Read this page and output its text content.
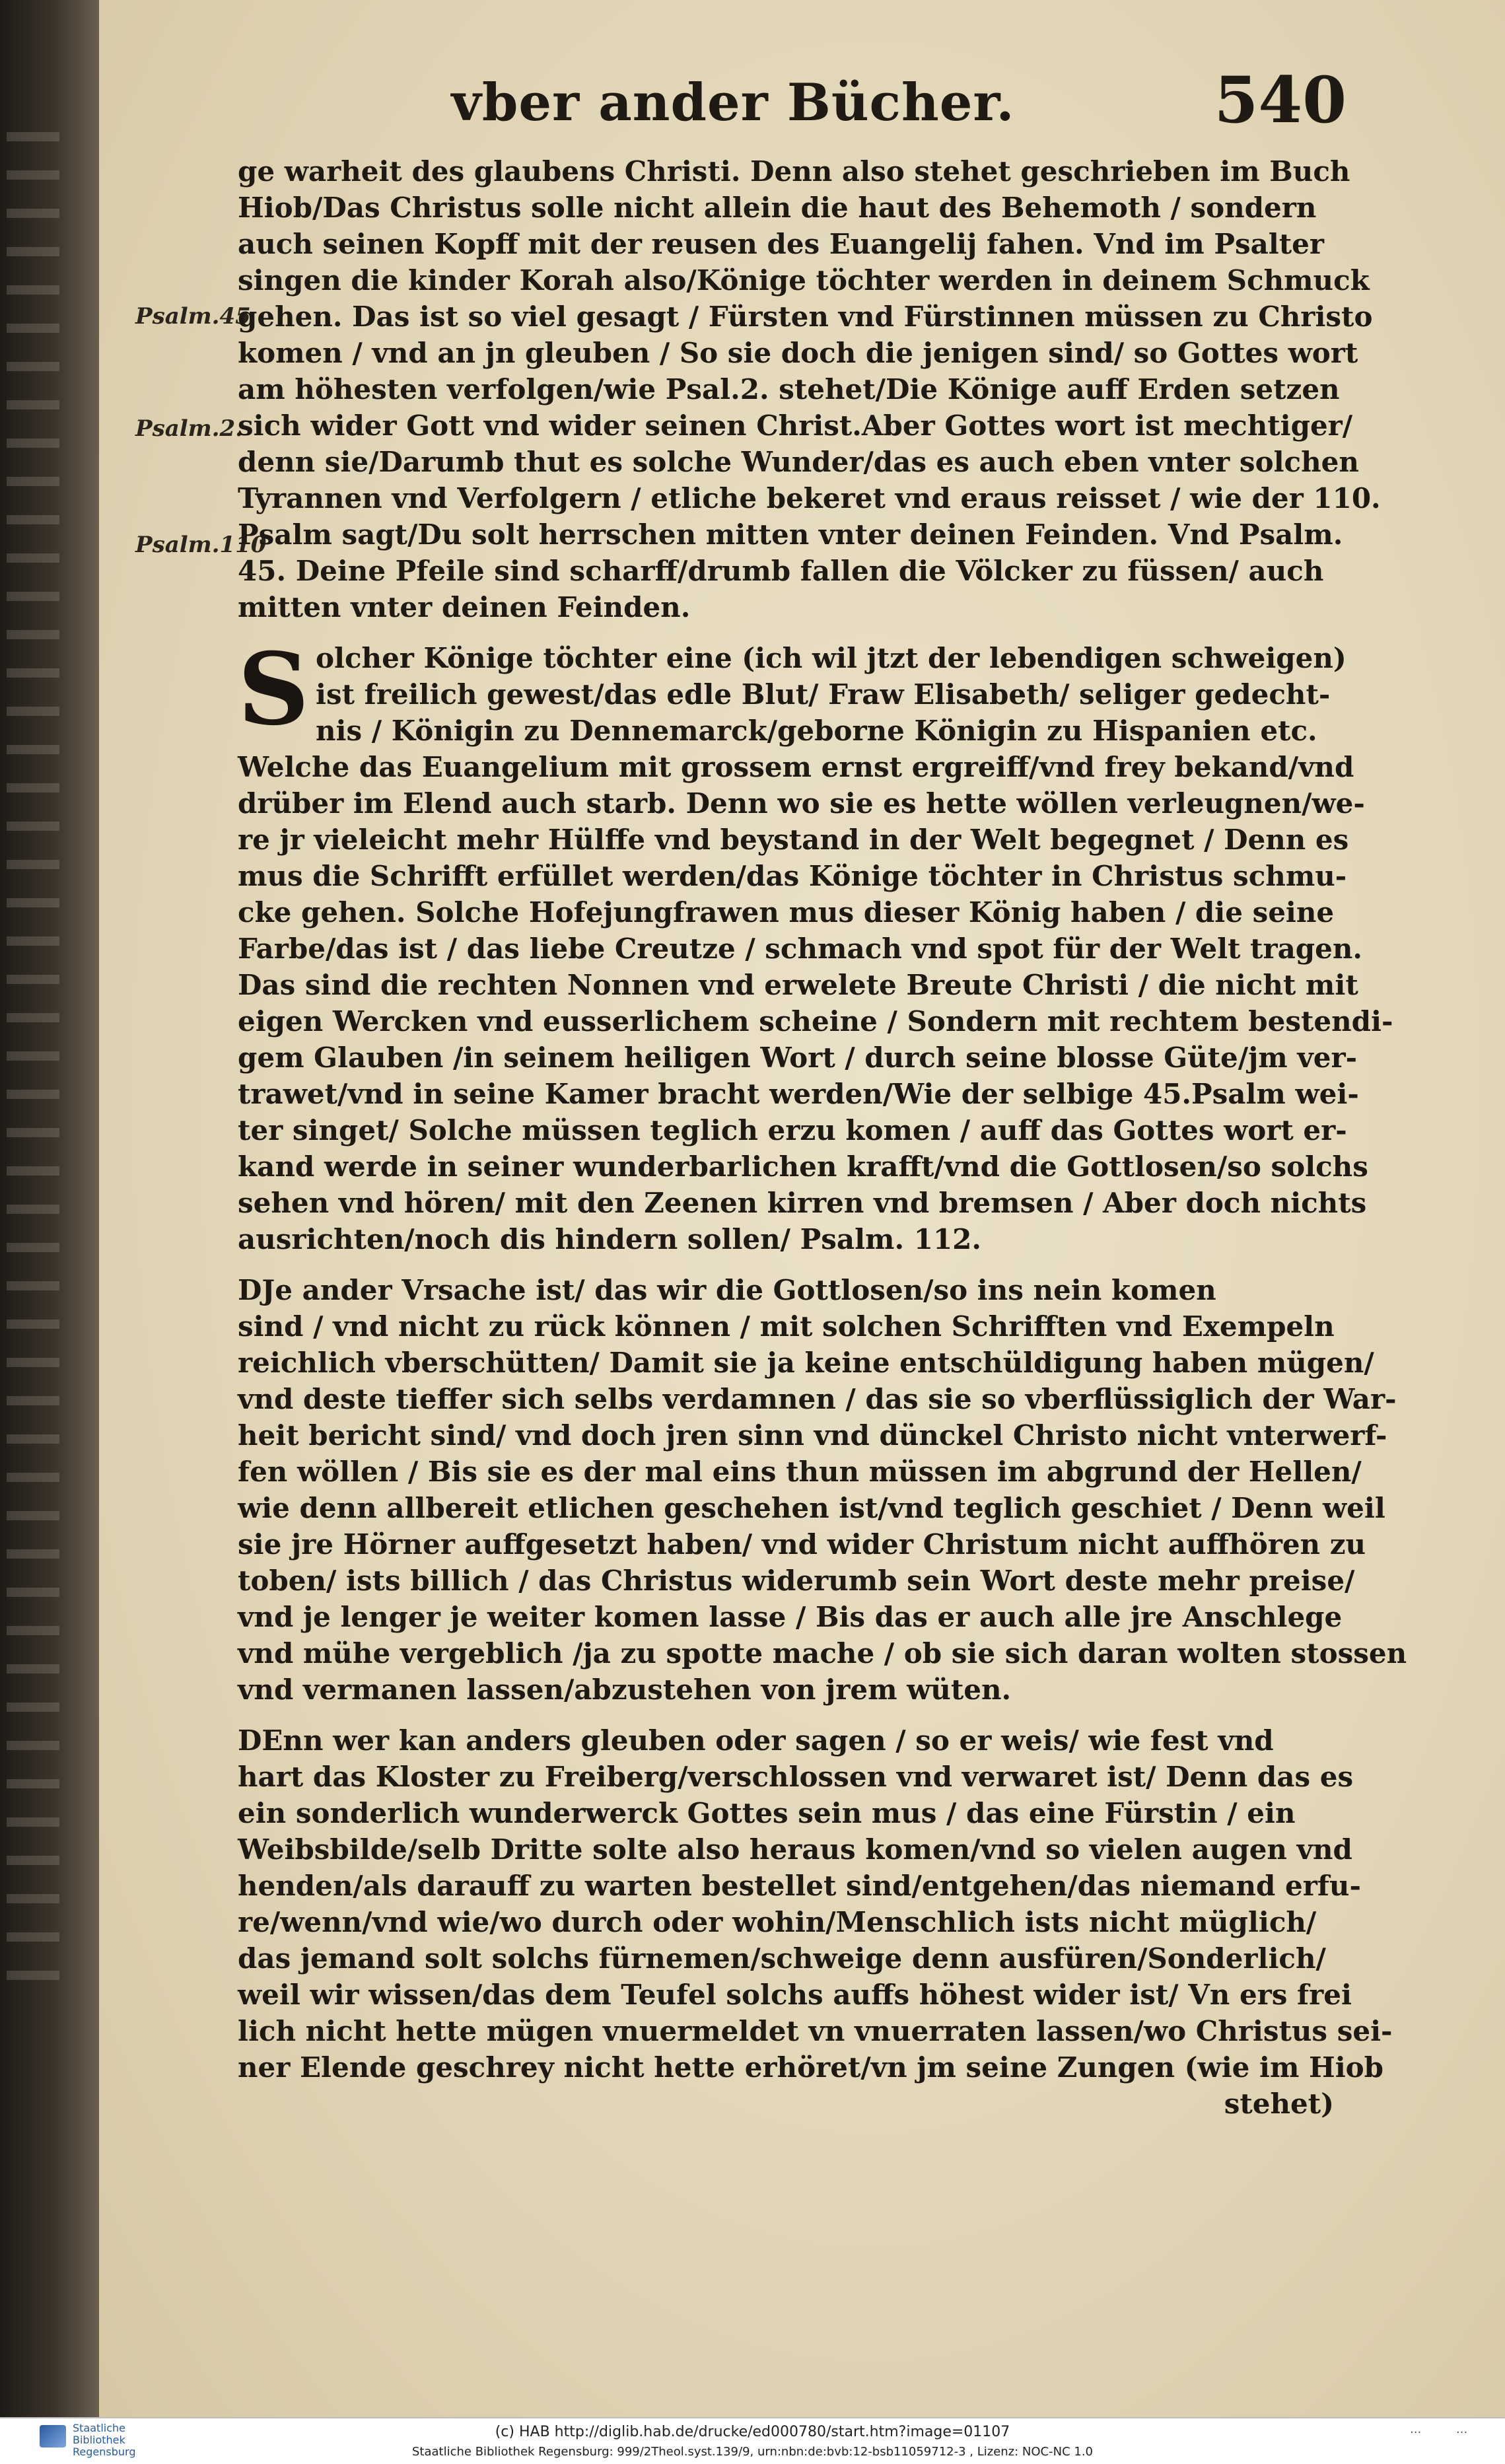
vber ander Bücher.	540
Psalm.45
Psalm.2.
Psalm.110
ge warheit des glaubens Christi. Denn also stehet geschrieben im Buch
Hiob/Das Christus solle nicht allein die haut des Behemoth / sondern
auch seinen Kopff mit der reusen des Euangelij fahen. Vnd im Psalter
singen die kinder Korah also/Könige töchter werden in deinem Schmuck
gehen. Das ist so viel gesagt / Fürsten vnd Fürstinnen müssen zu Christo
komen / vnd an jn gleuben / So sie doch die jenigen sind/ so Gottes wort
am höhesten verfolgen/wie Psal.2. stehet/Die Könige auff Erden setzen
sich wider Gott vnd wider seinen Christ.Aber Gottes wort ist mechtiger/
denn sie/Darumb thut es solche Wunder/das es auch eben vnter solchen
Tyrannen vnd Verfolgern / etliche bekeret vnd eraus reisset / wie der 110.
Psalm sagt/Du solt herrschen mitten vnter deinen Feinden. Vnd Psalm.
45. Deine Pfeile sind scharff/drumb fallen die Völcker zu füssen/ auch
mitten vnter deinen Feinden.
S olcher Könige töchter eine (ich wil jtzt der lebendigen schweigen)
ist freilich gewest/das edle Blut/ Fraw Elisabeth/ seliger gedecht-
nis / Königin zu Dennemarck/geborne Königin zu Hispanien etc.
Welche das Euangelium mit grossem ernst ergreiff/vnd frey bekand/vnd
drüber im Elend auch starb. Denn wo sie es hette wöllen verleugnen/we-
re jr vieleicht mehr Hülffe vnd beystand in der Welt begegnet / Denn es
mus die Schrifft erfüllet werden/das Könige töchter in Christus schmu-
cke gehen. Solche Hofejungfrawen mus dieser König haben / die seine
Farbe/das ist / das liebe Creutze / schmach vnd spot für der Welt tragen.
Das sind die rechten Nonnen vnd erwelete Breute Christi / die nicht mit
eigen Wercken vnd eusserlichem scheine / Sondern mit rechtem bestendi-
gem Glauben /in seinem heiligen Wort / durch seine blosse Güte/jm ver-
trawet/vnd in seine Kamer bracht werden/Wie der selbige 45.Psalm wei-
ter singet/ Solche müssen teglich erzu komen / auff das Gottes wort er-
kand werde in seiner wunderbarlichen krafft/vnd die Gottlosen/so solchs
sehen vnd hören/ mit den Zeenen kirren vnd bremsen / Aber doch nichts
ausrichten/noch dis hindern sollen/ Psalm. 112.
DJe ander Vrsache ist/ das wir die Gottlosen/so ins nein komen
sind / vnd nicht zu rück können / mit solchen Schrifften vnd Exempeln
reichlich vberschütten/ Damit sie ja keine entschüldigung haben mügen/
vnd deste tieffer sich selbs verdamnen / das sie so vberflüssiglich der War-
heit bericht sind/ vnd doch jren sinn vnd dünckel Christo nicht vnterwerf-
fen wöllen / Bis sie es der mal eins thun müssen im abgrund der Hellen/
wie denn allbereit etlichen geschehen ist/vnd teglich geschiet / Denn weil
sie jre Hörner auffgesetzt haben/ vnd wider Christum nicht auffhören zu
toben/ ists billich / das Christus widerumb sein Wort deste mehr preise/
vnd je lenger je weiter komen lasse / Bis das er auch alle jre Anschlege
vnd mühe vergeblich /ja zu spotte mache / ob sie sich daran wolten stossen
vnd vermanen lassen/abzustehen von jrem wüten.
DEnn wer kan anders gleuben oder sagen / so er weis/ wie fest vnd
hart das Kloster zu Freiberg/verschlossen vnd verwaret ist/ Denn das es
ein sonderlich wunderwerck Gottes sein mus / das eine Fürstin / ein
Weibsbilde/selb Dritte solte also heraus komen/vnd so vielen augen vnd
henden/als darauff zu warten bestellet sind/entgehen/das niemand erfu-
re/wenn/vnd wie/wo durch oder wohin/Menschlich ists nicht müglich/
das jemand solt solchs fürnemen/schweige denn ausfüren/Sonderlich/
weil wir wissen/das dem Teufel solchs auffs höhest wider ist/ Vn ers frei
lich nicht hette mügen vnuermeldet vn vnuerraten lassen/wo Christus sei-
ner Elende geschrey nicht hette erhöret/vn jm seine Zungen (wie im Hiob
stehet)
Staatliche Bibliothek Regensburg
(c) HAB http://diglib.hab.de/drucke/ed000780/start.htm?image=01107
Staatliche Bibliothek Regensburg: 999/2Theol.syst.139/9, urn:nbn:de:bvb:12-bsb11059712-3 , Lizenz: NOC-NC 1.0
...	...
